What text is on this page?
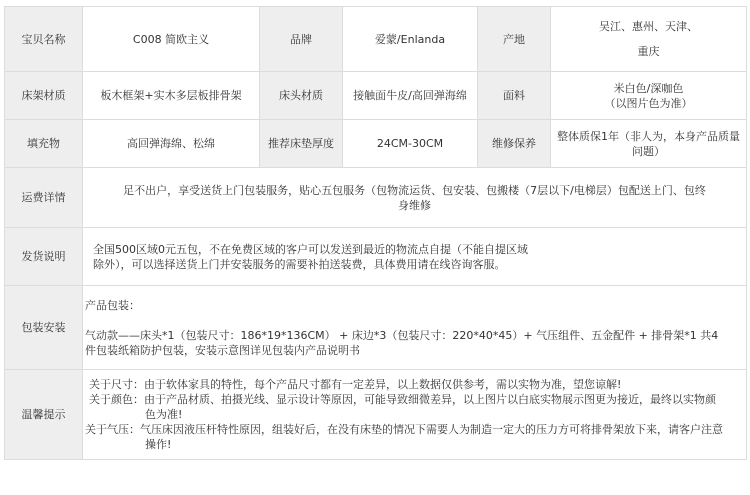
宝贝名称	C008 简欧主义	品牌	爱蒙/Enlanda	产地	吴江、惠州、天津、
重庆

床架材质	板木框架+实木多层板排骨架	床头材质	接触面牛皮/高回弹海绵	面料	米白色/深咖色
（以图片色为准）

填充物	高回弹海绵、松绵	推荐床垫厚度	24CM-30CM	维修保养	整体质保1年（非人为，本身产品质量
问题）

运费详情	足不出户，享受送货上门包装服务，贴心五包服务（包物流运货、包安装、包搬楼（7层以下/电梯层）包配送上门、包终
身维修				

发货说明	全国500区域0元五包，不在免费区域的客户可以发送到最近的物流点自提（不能自提区域
除外），可以选择送货上门并安装服务的需要补拍送装费，具体费用请在线咨询客服。				

包装安装	产品包装：
气动款——床头*1（包装尺寸：186*19*136CM） + 床边*3（包装尺寸：220*40*45）+ 气压组件、五金配件 + 排骨架*1 共4
件包装纸箱防护包装，安装示意图详见包装内产品说明书				

温馨提示	关于尺寸：由于软体家具的特性，每个产品尺寸都有一定差异，以上数据仅供参考，需以实物为准，望您谅解!
关于颜色：由于产品材质、拍摄光线、显示设计等原因，可能导致细微差异，以上图片以白底实物展示图更为接近，最终以实物颜
色为准!
关于气压：气压床因液压杆特性原因，组装好后，在没有床垫的情况下需要人为制造一定大的压力方可将排骨架放下来，请客户注意
操作!				
